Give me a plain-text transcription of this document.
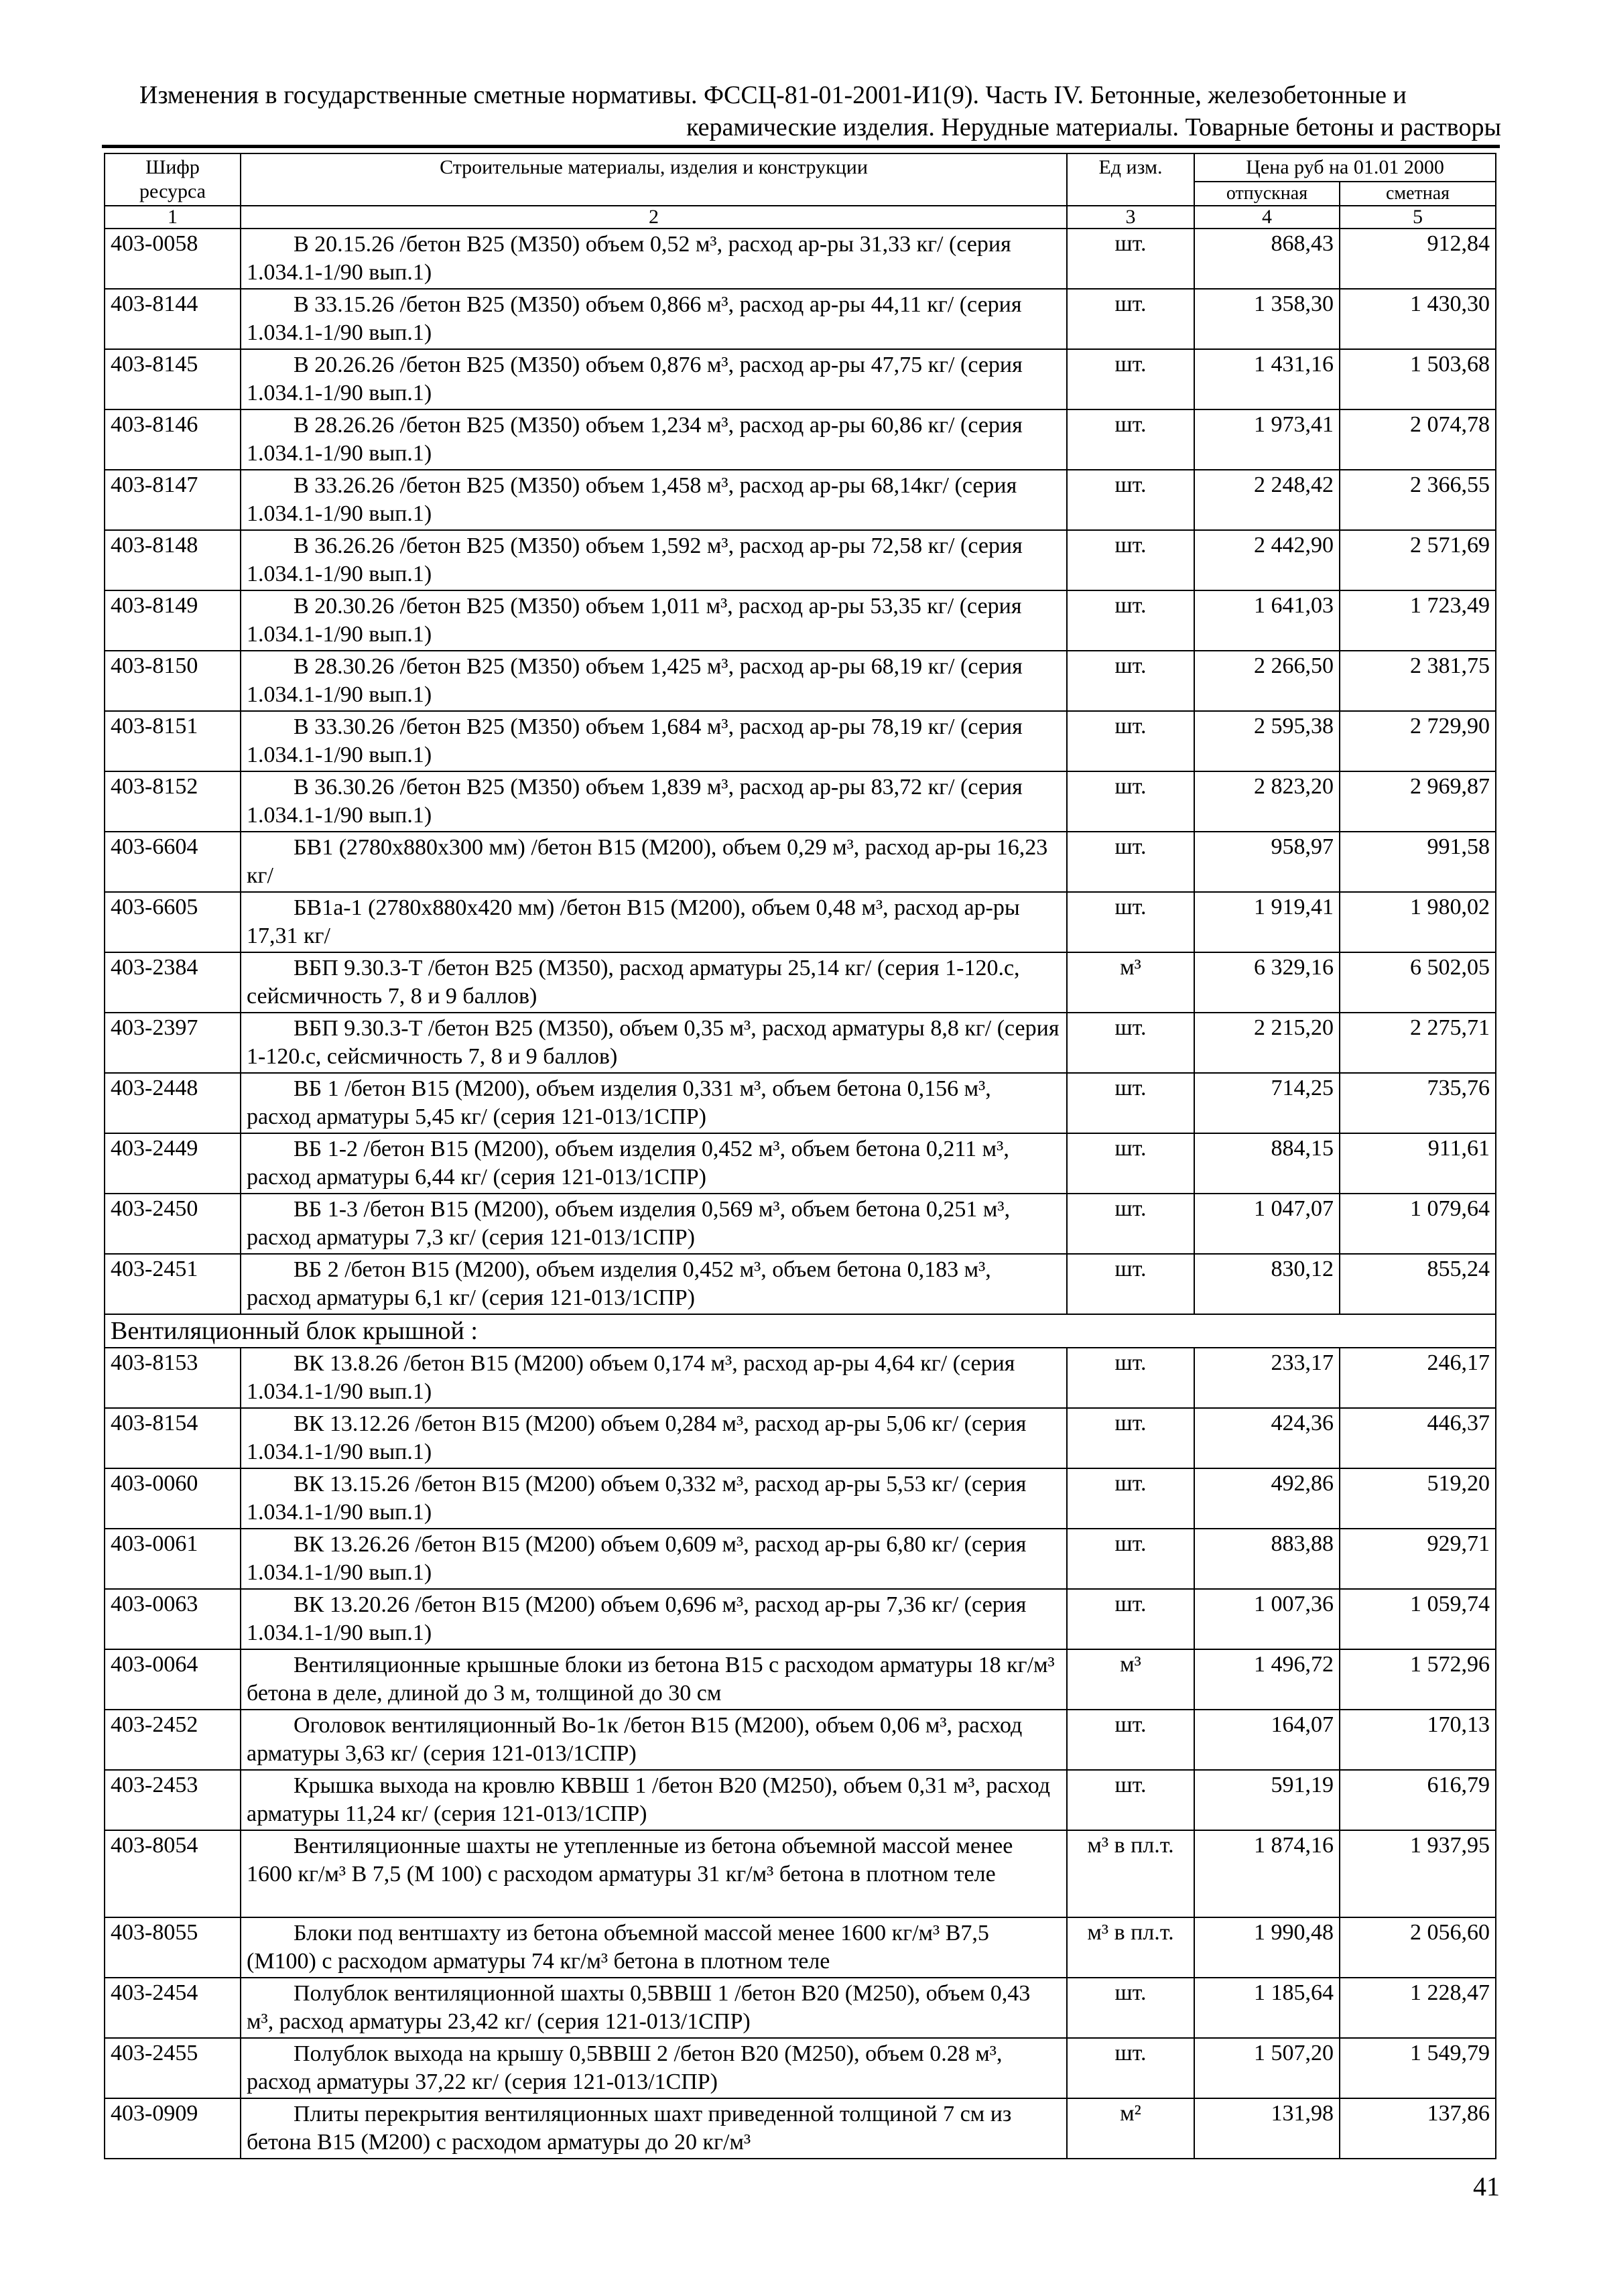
Изменения в государственные сметные нормативы. ФССЦ-81-01-2001-И1(9). Часть IV. Бетонные, железобетонные и
керамические изделия. Нерудные материалы. Товарные бетоны и растворы
Шифр ресурса	Строительные материалы, изделия и конструкции	Ед изм.	Цена руб на 01.01 2000	
			отпускная	сметная
1	2	3	4	5
403-0058	В 20.15.26 /бетон В25 (М350) объем 0,52 м³, расход ар-ры 31,33 кг/ (серия 1.034.1-1/90 вып.1)	шт.	868,43	912,84
403-8144	В 33.15.26 /бетон В25 (М350) объем 0,866 м³, расход ар-ры 44,11 кг/ (серия 1.034.1-1/90 вып.1)	шт.	1 358,30	1 430,30
403-8145	В 20.26.26 /бетон В25 (М350) объем 0,876 м³, расход ар-ры 47,75 кг/ (серия 1.034.1-1/90 вып.1)	шт.	1 431,16	1 503,68
403-8146	В 28.26.26 /бетон В25 (М350) объем 1,234 м³, расход ар-ры 60,86 кг/ (серия 1.034.1-1/90 вып.1)	шт.	1 973,41	2 074,78
403-8147	В 33.26.26 /бетон В25 (М350) объем 1,458 м³, расход ар-ры 68,14кг/ (серия 1.034.1-1/90 вып.1)	шт.	2 248,42	2 366,55
403-8148	В 36.26.26 /бетон В25 (М350) объем 1,592 м³, расход ар-ры 72,58 кг/ (серия 1.034.1-1/90 вып.1)	шт.	2 442,90	2 571,69
403-8149	В 20.30.26 /бетон В25 (М350) объем 1,011 м³, расход ар-ры 53,35 кг/ (серия 1.034.1-1/90 вып.1)	шт.	1 641,03	1 723,49
403-8150	В 28.30.26 /бетон В25 (М350) объем 1,425 м³, расход ар-ры 68,19 кг/ (серия 1.034.1-1/90 вып.1)	шт.	2 266,50	2 381,75
403-8151	В 33.30.26 /бетон В25 (М350) объем 1,684 м³, расход ар-ры 78,19 кг/ (серия 1.034.1-1/90 вып.1)	шт.	2 595,38	2 729,90
403-8152	В 36.30.26 /бетон В25 (М350) объем 1,839 м³, расход ар-ры 83,72 кг/ (серия 1.034.1-1/90 вып.1)	шт.	2 823,20	2 969,87
403-6604	БВ1 (2780х880х300 мм) /бетон В15 (М200), объем 0,29 м³, расход ар-ры 16,23 кг/	шт.	958,97	991,58
403-6605	БВ1а-1 (2780х880х420 мм) /бетон В15 (М200), объем 0,48 м³, расход ар-ры 17,31 кг/	шт.	1 919,41	1 980,02
403-2384	ВБП 9.30.3-Т /бетон В25 (М350), расход арматуры 25,14 кг/ (серия 1-120.с, сейсмичность 7, 8 и 9 баллов)	м³	6 329,16	6 502,05
403-2397	ВБП 9.30.3-Т /бетон В25 (М350), объем 0,35 м³, расход арматуры 8,8 кг/ (серия 1-120.с, сейсмичность 7, 8 и 9 баллов)	шт.	2 215,20	2 275,71
403-2448	ВБ 1 /бетон В15 (М200), объем изделия 0,331 м³, объем бетона 0,156 м³, расход арматуры 5,45 кг/ (серия 121-013/1СПР)	шт.	714,25	735,76
403-2449	ВБ 1-2 /бетон В15 (М200), объем изделия 0,452 м³, объем бетона 0,211 м³, расход арматуры 6,44 кг/ (серия 121-013/1СПР)	шт.	884,15	911,61
403-2450	ВБ 1-3 /бетон В15 (М200), объем изделия 0,569 м³, объем бетона 0,251 м³, расход арматуры 7,3 кг/ (серия 121-013/1СПР)	шт.	1 047,07	1 079,64
403-2451	ВБ 2 /бетон В15 (М200), объем изделия 0,452 м³, объем бетона 0,183 м³, расход арматуры 6,1 кг/ (серия 121-013/1СПР)	шт.	830,12	855,24
Вентиляционный блок крышной :				
403-8153	ВК 13.8.26 /бетон В15 (М200) объем 0,174 м³, расход ар-ры 4,64 кг/ (серия 1.034.1-1/90 вып.1)	шт.	233,17	246,17
403-8154	ВК 13.12.26 /бетон В15 (М200) объем 0,284 м³, расход ар-ры 5,06 кг/ (серия 1.034.1-1/90 вып.1)	шт.	424,36	446,37
403-0060	ВК 13.15.26 /бетон В15 (М200) объем 0,332 м³, расход ар-ры 5,53 кг/ (серия 1.034.1-1/90 вып.1)	шт.	492,86	519,20
403-0061	ВК 13.26.26 /бетон В15 (М200) объем 0,609 м³, расход ар-ры 6,80 кг/ (серия 1.034.1-1/90 вып.1)	шт.	883,88	929,71
403-0063	ВК 13.20.26 /бетон В15 (М200) объем 0,696 м³, расход ар-ры 7,36 кг/ (серия 1.034.1-1/90 вып.1)	шт.	1 007,36	1 059,74
403-0064	Вентиляционные крышные блоки из бетона В15 с расходом арматуры 18 кг/м³ бетона в деле, длиной до 3 м, толщиной до 30 см	м³	1 496,72	1 572,96
403-2452	Оголовок вентиляционный Во-1к /бетон В15 (М200), объем 0,06 м³, расход арматуры 3,63 кг/ (серия 121-013/1СПР)	шт.	164,07	170,13
403-2453	Крышка выхода на кровлю КВВШ 1 /бетон В20 (М250), объем 0,31 м³, расход арматуры 11,24 кг/ (серия 121-013/1СПР)	шт.	591,19	616,79
403-8054	Вентиляционные шахты не утепленные из бетона объемной массой менее 1600 кг/м³ В 7,5 (М 100) с расходом арматуры 31 кг/м³ бетона в плотном теле	м³ в пл.т.	1 874,16	1 937,95
403-8055	Блоки под вентшахту из бетона объемной массой менее 1600 кг/м³ В7,5 (М100) с расходом арматуры 74 кг/м³ бетона в плотном теле	м³ в пл.т.	1 990,48	2 056,60
403-2454	Полублок вентиляционной шахты 0,5ВВШ 1 /бетон В20 (М250), объем 0,43 м³, расход арматуры 23,42 кг/ (серия 121-013/1СПР)	шт.	1 185,64	1 228,47
403-2455	Полублок выхода на крышу 0,5ВВШ 2 /бетон В20 (М250), объем 0.28 м³, расход арматуры 37,22 кг/ (серия 121-013/1СПР)	шт.	1 507,20	1 549,79
403-0909	Плиты перекрытия вентиляционных шахт приведенной толщиной 7 см из бетона В15 (М200) с расходом арматуры до 20 кг/м³	м²	131,98	137,86
41
